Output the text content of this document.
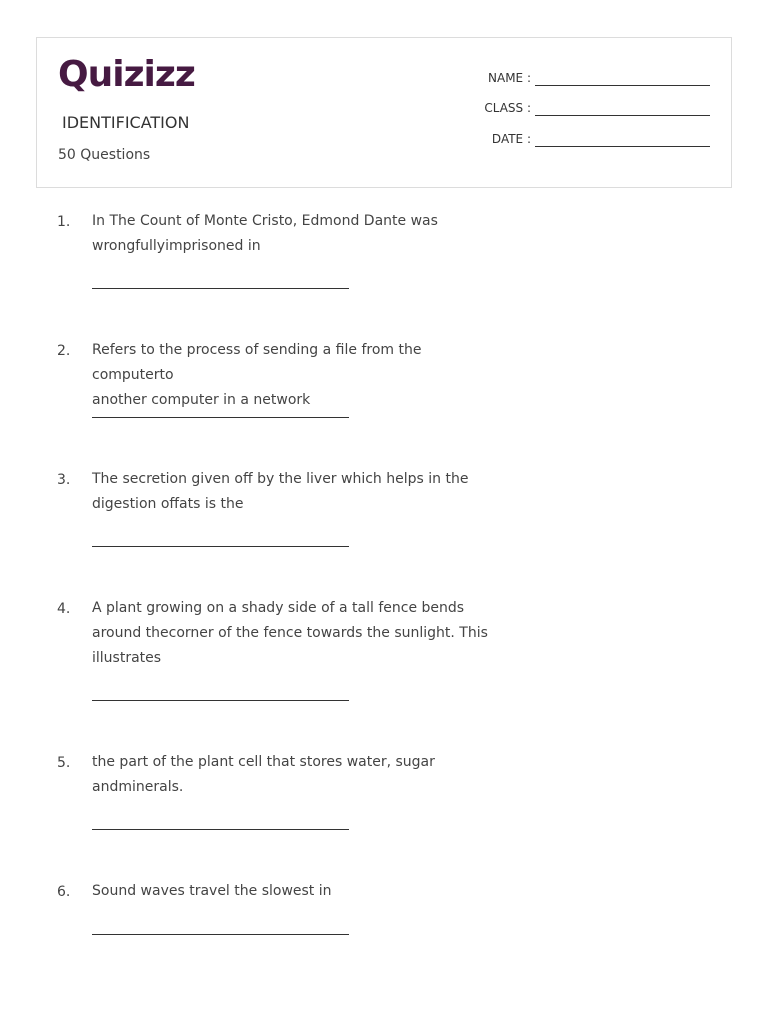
Quizizz
IDENTIFICATION
50 Questions
NAME :
CLASS :
DATE :
1. In The Count of Monte Cristo, Edmond Dante was
wrongfullyimprisoned in
2. Refers to the process of sending a file from the computerto
another computer in a network
3. The secretion given off by the liver which helps in the
digestion offats is the
4. A plant growing on a shady side of a tall fence bends
around thecorner of the fence towards the sunlight. This
illustrates
5. the part of the plant cell that stores water, sugar
andminerals.
6. Sound waves travel the slowest in
